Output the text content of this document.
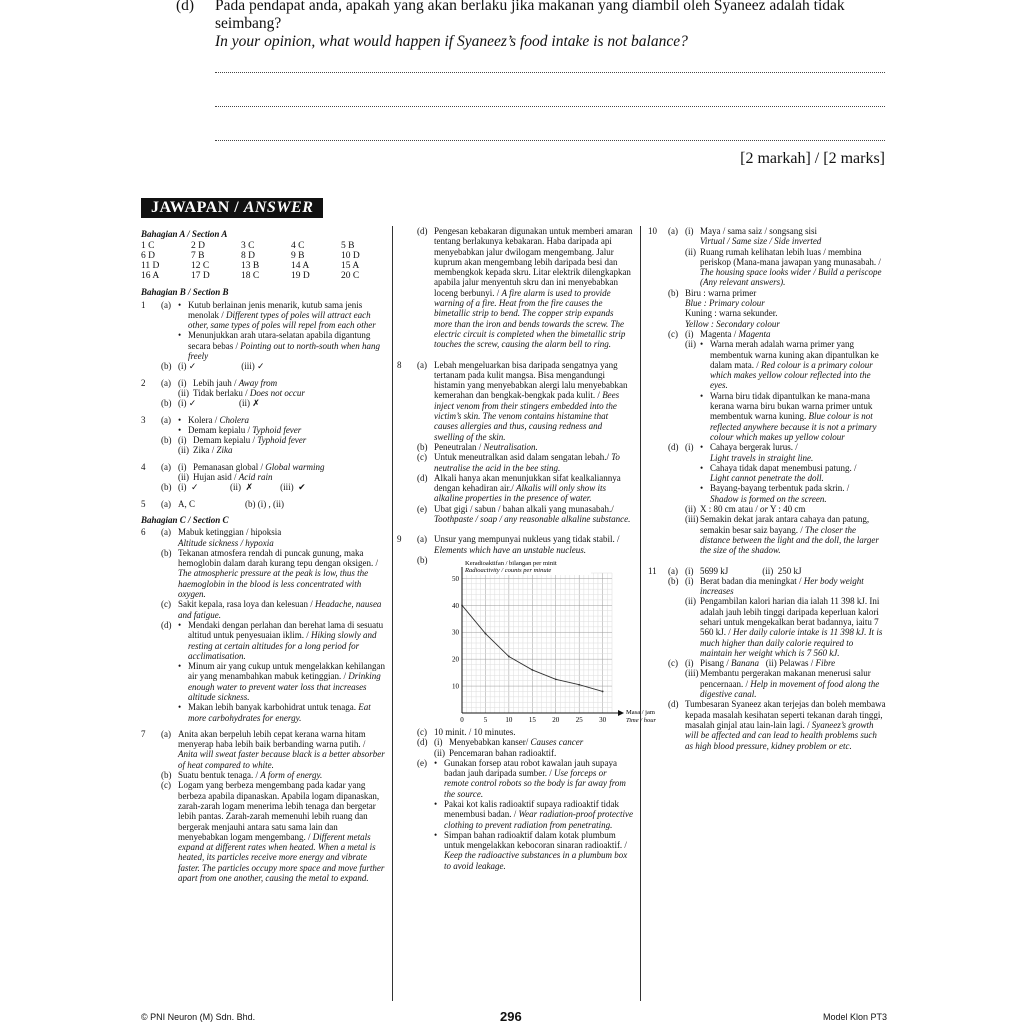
(d) Pada pendapat anda, apakah yang akan berlaku jika makanan yang diambil oleh Syaneez adalah tidak seimbang?
In your opinion, what would happen if Syaneez’s food intake is not balance?
[2 markah] / [2 marks]
JAWAPAN / ANSWER
Bahagian A / Section A
1 C	2 D	3 C	4 C	5 B
6 D	7 B	8 D	9 B	10 D
11 D	12 C	13 B	14 A	15 A
16 A	17 D	18 C	19 D	20 C
Bahagian B / Section B
1 (a)	• Kutub berlainan jenis menarik, kutub sama jenis menolak / Different types of poles will attract each other, same types of poles will repel from each other
• Menunjukkan arah utara-selatan apabila digantung secara bebas / Pointing out to north-south when hang freely
(b) (i) ✓                    (iii) ✓
2 (a) (i) Lebih jauh / Away from
(ii) Tidak berlaku / Does not occur
(b) (i) ✓                   (ii) ✗
3 (a)	• Kolera / Cholera
• Demam kepialu / Typhoid fever
(b) (i) Demam kepialu / Typhoid fever
(ii) Zika / Zika
4 (a) (i) Pemanasan global / Global warming
(ii) Hujan asid / Acid rain
(b) (i)  ✓              (ii)  ✗            (iii)  ✔
5 (a) A, C	(b) (i) , (ii)
Bahagian C / Section C
6 (a) Mabuk ketinggian / hipoksia
Altitude sickness / hypoxia
(b) Tekanan atmosfera rendah di puncak gunung, maka hemoglobin dalam darah kurang tepu dengan oksigen. / The atmospheric pressure at the peak is low, thus the haemoglobin in the blood is less concentrated with oxygen.
(c) Sakit kepala, rasa loya dan kelesuan / Headache, nausea and fatigue.
(d)	• Mendaki dengan perlahan dan berehat lama di sesuatu altitud untuk penyesuaian iklim. / Hiking slowly and resting at certain altitudes for a long period for acclimatisation.
• Minum air yang cukup untuk mengelakkan kehilangan air yang menambahkan mabuk ketinggian. / Drinking enough water to prevent water loss that increases altitude sickness.
• Makan lebih banyak karbohidrat untuk tenaga. Eat more carbohydrates for energy.
7 (a) Anita akan berpeluh lebih cepat kerana warna hitam menyerap haba lebih baik berbanding warna putih. / Anita will sweat faster because black is a better absorber of heat compared to white.
(b) Suatu bentuk tenaga. / A form of energy.
(c) Logam yang berbeza mengembang pada kadar yang berbeza apabila dipanaskan. Apabila logam dipanaskan, zarah-zarah logam menerima lebih tenaga dan bergetar lebih pantas. Zarah-zarah memenuhi lebih ruang dan bergerak menjauhi antara satu sama lain dan menyebabkan logam mengembang. / Different metals expand at different rates when heated. When a metal is heated, its particles receive more energy and vibrate faster. The particles occupy more space and move further apart from one another, causing the metal to expand.
(d) Pengesan kebakaran digunakan untuk memberi amaran tentang berlakunya kebakaran. Haba daripada api menyebabkan jalur dwilogam mengembang. Jalur kuprum akan mengembang lebih daripada besi dan membengkok kepada skru. Litar elektrik dilengkapkan apabila jalur menyentuh skru dan ini menyebabkan loceng berbunyi. / A fire alarm is used to provide warning of a fire. Heat from the fire causes the bimetallic strip to bend. The copper strip expands more than the iron and bends towards the screw. The electric circuit is completed when the bimetallic strip touches the screw, causing the alarm bell to ring.
8 (a) Lebah mengeluarkan bisa daripada sengatnya yang tertanam pada kulit mangsa. Bisa mengandungi histamin yang menyebabkan alergi lalu menyebabkan kemerahan dan bengkak-bengkak pada kulit. / Bees inject venom from their stingers embedded into the victim’s skin. The venom contains histamine that causes allergies and thus, causing redness and swelling of the skin.
(b) Peneutralan / Neutralisation.
(c) Untuk meneutralkan asid dalam sengatan lebah./ To neutralise the acid in the bee sting.
(d) Alkali hanya akan menunjukkan sifat kealkaliannya dengan kehadiran air./ Alkalis will only show its alkaline properties in the presence of water.
(e) Ubat gigi / sabun / bahan alkali yang munasabah./ Toothpaste / soap / any reasonable alkaline substance.
9 (a) Unsur yang mempunyai nukleus yang tidak stabil. / Elements which have an unstable nucleus.
(b)
0	5	10 15 20 25 30
10
20
30
40
50
Keradioaktifan / bilangan per minit
Radioactivity / counts per minute
Masa / jam
Time / hour
(c) 10 minit. / 10 minutes.
(d) (i) Menyebabkan kanser/ Causes cancer
(ii) Pencemaran bahan radioaktif.
(e)	• Gunakan forsep atau robot kawalan jauh supaya badan jauh daripada sumber. / Use forceps or remote control robots so the body is far away from the source.
• Pakai kot kalis radioaktif supaya radioaktif tidak menembusi badan. / Wear radiation-proof protective clothing to prevent radiation from penetrating.
• Simpan bahan radioaktif dalam kotak plumbum untuk mengelakkan kebocoran sinaran radioaktif. / Keep the radioactive substances in a plumbum box to avoid leakage.
10 (a) (i) Maya / sama saiz / songsang sisi
Virtual / Same size / Side inverted
(ii) Ruang rumah kelihatan lebih luas / membina periskop (Mana-mana jawapan yang munasabah. / The housing space looks wider / Build a periscope (Any relevant answers).
(b) Biru : warna primer
Blue : Primary colour
Kuning : warna sekunder.
Yellow : Secondary colour
(c) (i) Magenta / Magenta
(ii)	• Warna merah adalah warna primer yang membentuk warna kuning akan dipantulkan ke dalam mata. / Red colour is a primary colour which makes yellow colour reflected into the eyes.
• Warna biru tidak dipantulkan ke mana-mana kerana warna biru bukan warna primer untuk membentuk warna kuning. Blue colour is not reflected anywhere because it is not a primary colour which makes up yellow colour
(d) (i)	• Cahaya bergerak lurus. /
Light travels in straight line.
• Cahaya tidak dapat menembusi patung. /
Light cannot penetrate the doll.
• Bayang-bayang terbentuk pada skrin. /
Shadow is formed on the screen.
(ii) X : 80 cm atau / or Y : 40 cm
(iii) Semakin dekat jarak antara cahaya dan patung, semakin besar saiz bayang. / The closer the distance between the light and the doll, the larger the size of the shadow.
11 (a) (i) 5699 kJ	(ii)  250 kJ
(b) (i) Berat badan dia meningkat / Her body weight increases
(ii) Pengambilan kalori harian dia ialah 11 398 kJ. Ini adalah jauh lebih tinggi daripada keperluan kalori sehari untuk mengekalkan berat badannya, iaitu 7 560 kJ. / Her daily calorie intake is 11 398 kJ. It is much higher than daily calorie required to maintain her weight which is 7 560 kJ.
(c) (i) Pisang / Banana   (ii) Pelawas / Fibre
(iii) Membantu pergerakan makanan menerusi salur pencernaan. / Help in movement of food along the digestive canal.
(d) Tumbesaran Syaneez akan terjejas dan boleh membawa kepada masalah kesihatan seperti tekanan darah tinggi, masalah ginjal atau lain-lain lagi. / Syaneez’s growth will be affected and can lead to health problems such as high blood pressure, kidney problem or etc.
© PNI Neuron (M) Sdn. Bhd.	296	Model Klon PT3
